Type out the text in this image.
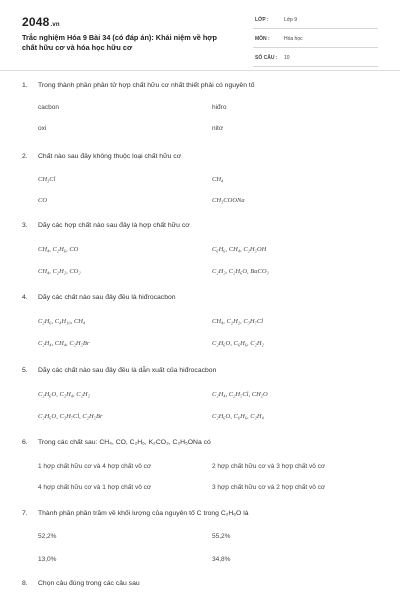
2048.vn
Trắc nghiệm Hóa 9 Bài 34 (có đáp án): Khái niệm về hợp chất hữu cơ và hóa học hữu cơ
LỚP :	Lớp 9
MÔN :	Hóa học
SỐ CÂU : 10
1.	Trong thành phần phân tử hợp chất hữu cơ nhất thiết phải có nguyên tố
cacbon	hiđro
oxi	nitơ
2.	Chất nào sau đây không thuộc loại chất hữu cơ
CH₃Cl	CH₄
CO	CH₃COONa
3.	Dãy các hợp chất nào sau đây là hợp chất hữu cơ
CH₄, C₂H₆, CO	C₆H₆, CH₄, C₂H₅OH
CH₄, C₂H₂, CO₂	C₂H₂, C₂H₆O, BaCO₃
4.	Dãy các chất nào sau đây đều là hiđrocacbon
C₂H₆, C₄H₁₀, CH₄	CH₄, C₂H₂, C₃H₇Cl
C₂H₄, CH₄, C₂H₅Br	C₂H₆O, C₆H₆, C₂H₂
5.	Dãy các chất nào sau đây đều là dẫn xuất của hiđrocacbon
C₂H₆O, C₂H₄, C₂H₂	C₂H₄, C₂H₅Cl, CH₂O
C₂H₆O, C₃H₇Cl, C₂H₅Br	C₂H₆O, C₆H₆, C₂H₄
6.	Trong các chất sau: CH₄, CO, C₂H₆, K₂CO₃, C₂H₅ONa có
1 hợp chất hữu cơ và 4 hợp chất vô cơ	2 hợp chất hữu cơ và 3 hợp chất vô cơ
4 hợp chất hữu cơ và 1 hợp chất vô cơ	3 hợp chất hữu cơ và 2 hợp chất vô cơ
7.	Thành phần phần trăm về khối lượng của nguyên tố C trong C₂H₆O là
52,2%	55,2%
13,0%	34,8%
8.	Chọn câu đúng trong các câu sau
